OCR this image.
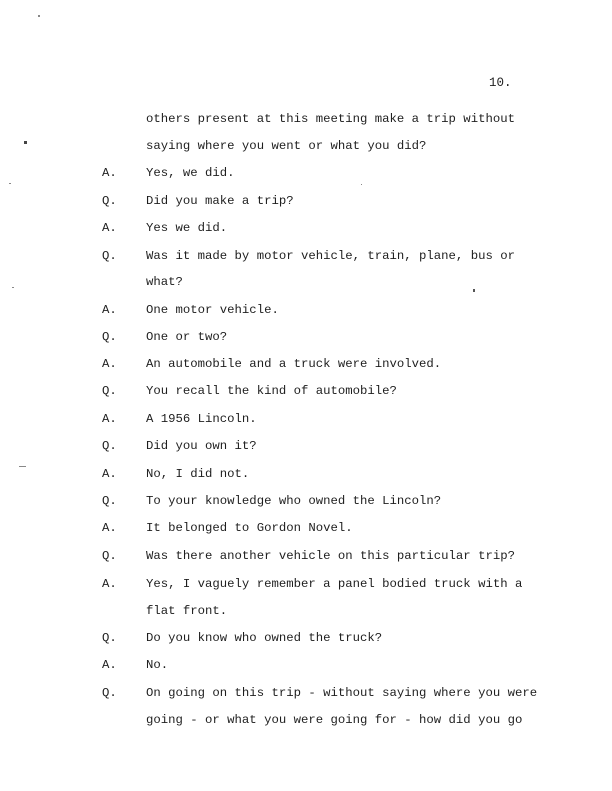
10.
others present at this meeting make a trip without
saying where you went or what you did?
A. Yes, we did.
Q. Did you make a trip?
A. Yes we did.
Q. Was it made by motor vehicle, train, plane, bus or
what?
A. One motor vehicle.
Q. One or two?
A. An automobile and a truck were involved.
Q. You recall the kind of automobile?
A. A 1956 Lincoln.
Q. Did you own it?
A. No, I did not.
Q. To your knowledge who owned the Lincoln?
A. It belonged to Gordon Novel.
Q. Was there another vehicle on this particular trip?
A. Yes, I vaguely remember a panel bodied truck with a
flat front.
Q. Do you know who owned the truck?
A. No.
Q. On going on this trip - without saying where you were
going - or what you were going for - how did you go
